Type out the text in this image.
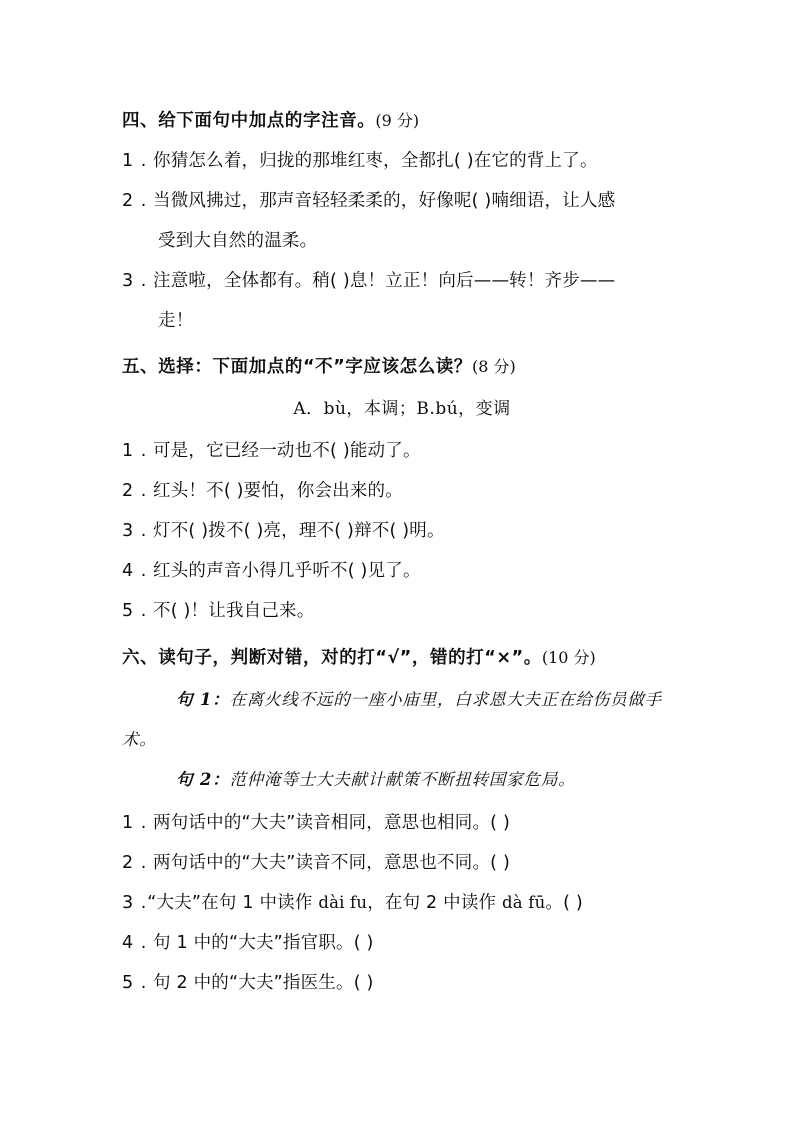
四、给下面句中加点的字注音。(9 分)
1 . 你猜怎么着，归拢的那堆红枣，全都扎( )在它的背上了。
2 . 当微风拂过，那声音轻轻柔柔的，好像呢( )喃细语，让人感
受到大自然的温柔。
3 . 注意啦，全体都有。稍( )息！立正！向后——转！齐步——
走！
五、选择：下面加点的“不”字应该怎么读？(8 分)
A．bù，本调；B.bú，变调
1 . 可是，它已经一动也不( )能动了。
2 . 红头！不( )要怕，你会出来的。
3 . 灯不( )拨不( )亮，理不( )辩不( )明。
4 . 红头的声音小得几乎听不( )见了。
5 . 不( )！让我自己来。
六、读句子，判断对错，对的打“√”，错的打“×”。(10 分)
句 1：在离火线不远的一座小庙里，白求恩大夫正在给伤员做手
术。
句 2：范仲淹等士大夫献计献策不断扭转国家危局。
1 . 两句话中的“大夫”读音相同，意思也相同。( )
2 . 两句话中的“大夫”读音不同，意思也不同。( )
3 .“大夫”在句 1 中读作 dài fu，在句 2 中读作 dà fū。( )
4 . 句 1 中的“大夫”指官职。( )
5 . 句 2 中的“大夫”指医生。( )
